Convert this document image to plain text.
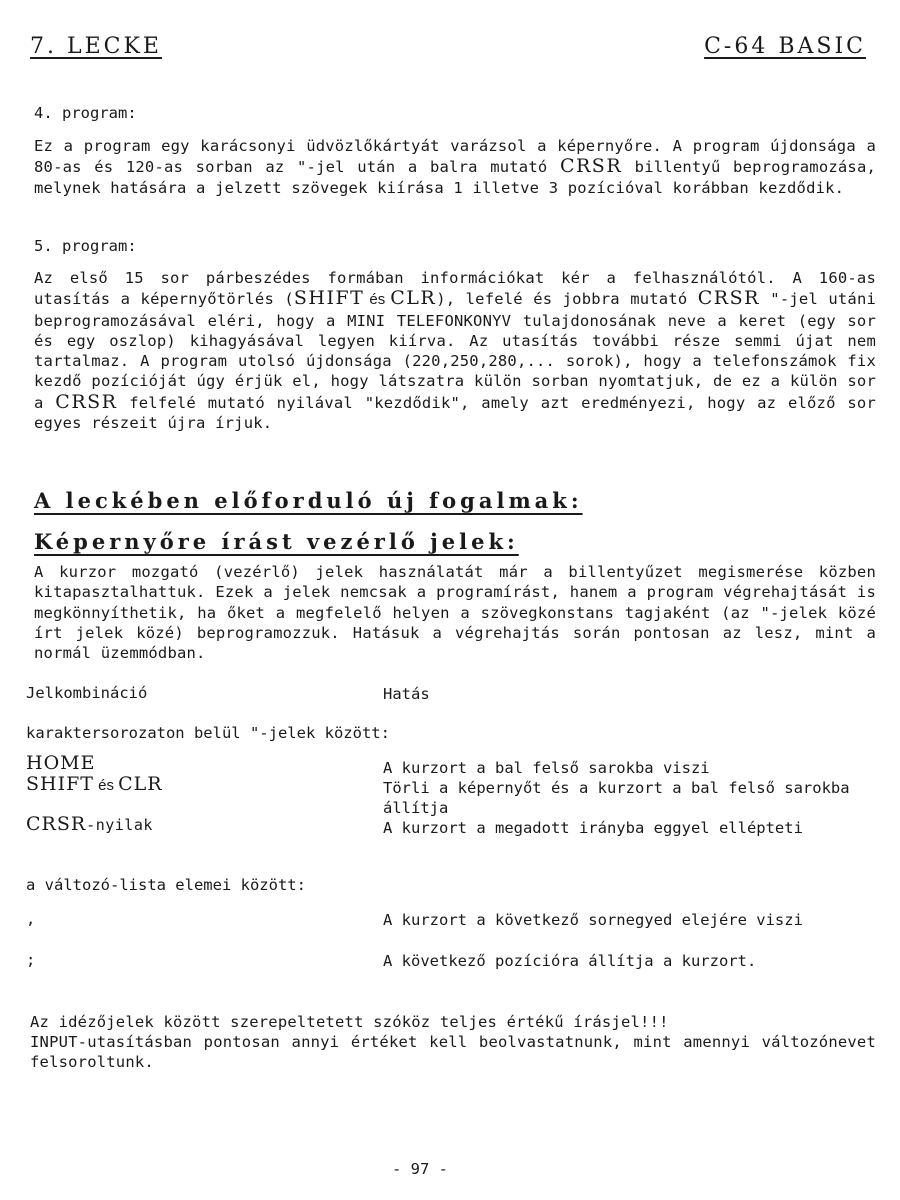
7. LECKE	C-64 BASIC
4. program:
Ez a program egy karácsonyi üdvözlőkártyát varázsol a képernyőre. A program újdonsága a 80-as és 120-as sorban az "-jel után a balra mutató CRSR billentyű beprogramozása, melynek hatására a jelzett szövegek kiírása 1 illetve 3 pozícióval korábban kezdődik.
5. program:
Az első 15 sor párbeszédes formában információkat kér a felhasználótól. A 160-as utasítás a képernyőtörlés (SHIFT és CLR), lefelé és jobbra mutató CRSR "-jel utáni beprogramozásával eléri, hogy a MINI TELEFONKONYV tulajdonosának neve a keret (egy sor és egy oszlop) kihagyásával legyen kiírva. Az utasítás további része semmi újat nem tartalmaz. A program utolsó újdonsága (220,250,280,... sorok), hogy a telefonszámok fix kezdő pozícióját úgy érjük el, hogy látszatra külön sorban nyomtatjuk, de ez a külön sor a CRSR felfelé mutató nyilával "kezdődik", amely azt eredményezi, hogy az előző sor egyes részeit újra írjuk.
A leckében előforduló új fogalmak:
Képernyőre írást vezérlő jelek:
A kurzor mozgató (vezérlő) jelek használatát már a billentyűzet megismerése közben kitapasztalhattuk. Ezek a jelek nemcsak a programírást, hanem a program végrehajtását is megkönnyíthetik, ha őket a megfelelő helyen a szövegkonstans tagjaként (az "-jelek közé írt jelek közé) beprogramozzuk. Hatásuk a végrehajtás során pontosan az lesz, mint a normál üzemmódban.
Jelkombináció	Hatás
karaktersorozaton belül "-jelek között:
HOME	A kurzort a bal felső sarokba viszi
SHIFT és CLR	Törli a képernyőt és a kurzort a bal felső sarokba állítja
CRSR-nyilak	A kurzort a megadott irányba eggyel ellépteti
a változó-lista elemei között:
,	A kurzort a következő sornegyed elejére viszi
;	A következő pozícióra állítja a kurzort.
Az idézőjelek között szerepeltetett szóköz teljes értékű írásjel!!!
INPUT-utasításban pontosan annyi értéket kell beolvastatnunk, mint amennyi változónevet felsoroltunk.
- 97 -
